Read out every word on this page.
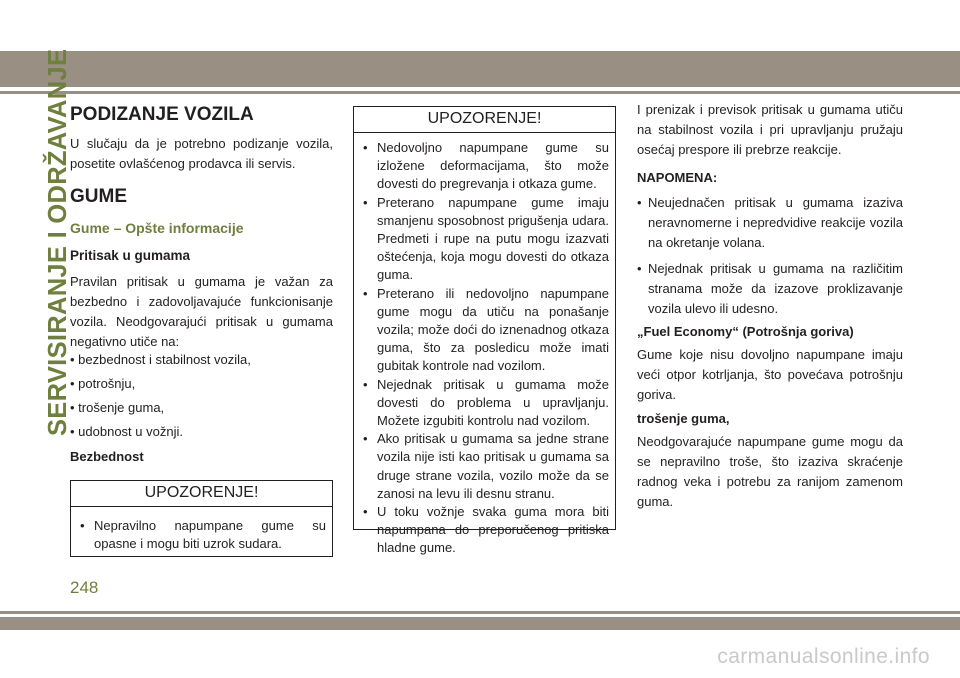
SERVISIRANJE I ODRŽAVANJE
PODIZANJE VOZILA

U slučaju da je potrebno podizanje vozila, posetite ovlašćenog prodavca ili servis.

GUME
Gume – Opšte informacije
Pritisak u gumama

Pravilan pritisak u gumama je važan za bezbedno i zadovoljavajuće funkcionisanje vozila. Neodgovarajući pritisak u gumama negativno utiče na:

• bezbednost i stabilnost vozila,
• potrošnju,
• trošenje guma,
• udobnost u vožnji.
Bezbednost
UPOZORENJE!
• Nepravilno napumpane gume su opasne i mogu biti uzrok sudara.
UPOZORENJE!
• Nedovoljno napumpane gume su izložene deformacijama, što može dovesti do pregrevanja i otkaza gume.
• Preterano napumpane gume imaju smanjenu sposobnost prigušenja udara. Predmeti i rupe na putu mogu izazvati oštećenja, koja mogu dovesti do otkaza guma.
• Preterano ili nedovoljno napumpane gume mogu da utiču na ponašanje vozila; može doći do iznenadnog otkaza guma, što za posledicu može imati gubitak kontrole nad vozilom.
• Nejednak pritisak u gumama može dovesti do problema u upravljanju. Možete izgubiti kontrolu nad vozilom.
• Ako pritisak u gumama sa jedne strane vozila nije isti kao pritisak u gumama sa druge strane vozila, vozilo može da se zanosi na levu ili desnu stranu.
• U toku vožnje svaka guma mora biti napumpana do preporučenog pritiska hladne gume.

I prenizak i previsok pritisak u gumama utiču na stabilnost vozila i pri upravljanju pružaju osećaj prespore ili prebrze reakcije.

NAPOMENA:
• Neujednačen pritisak u gumama izaziva neravnomerne i nepredvidive reakcije vozila na okretanje volana.
• Nejednak pritisak u gumama na različitim stranama može da izazove proklizavanje vozila ulevo ili udesno.
„Fuel Economy“ (Potrošnja goriva)

Gume koje nisu dovoljno napumpane imaju veći otpor kotrljanja, što povećava potrošnju goriva.

trošenje guma,

Neodgovarajuće napumpane gume mogu da se nepravilno troše, što izaziva skraćenje radnog veka i potrebu za ranijom zamenom guma.

248
carmanualsonline.info
